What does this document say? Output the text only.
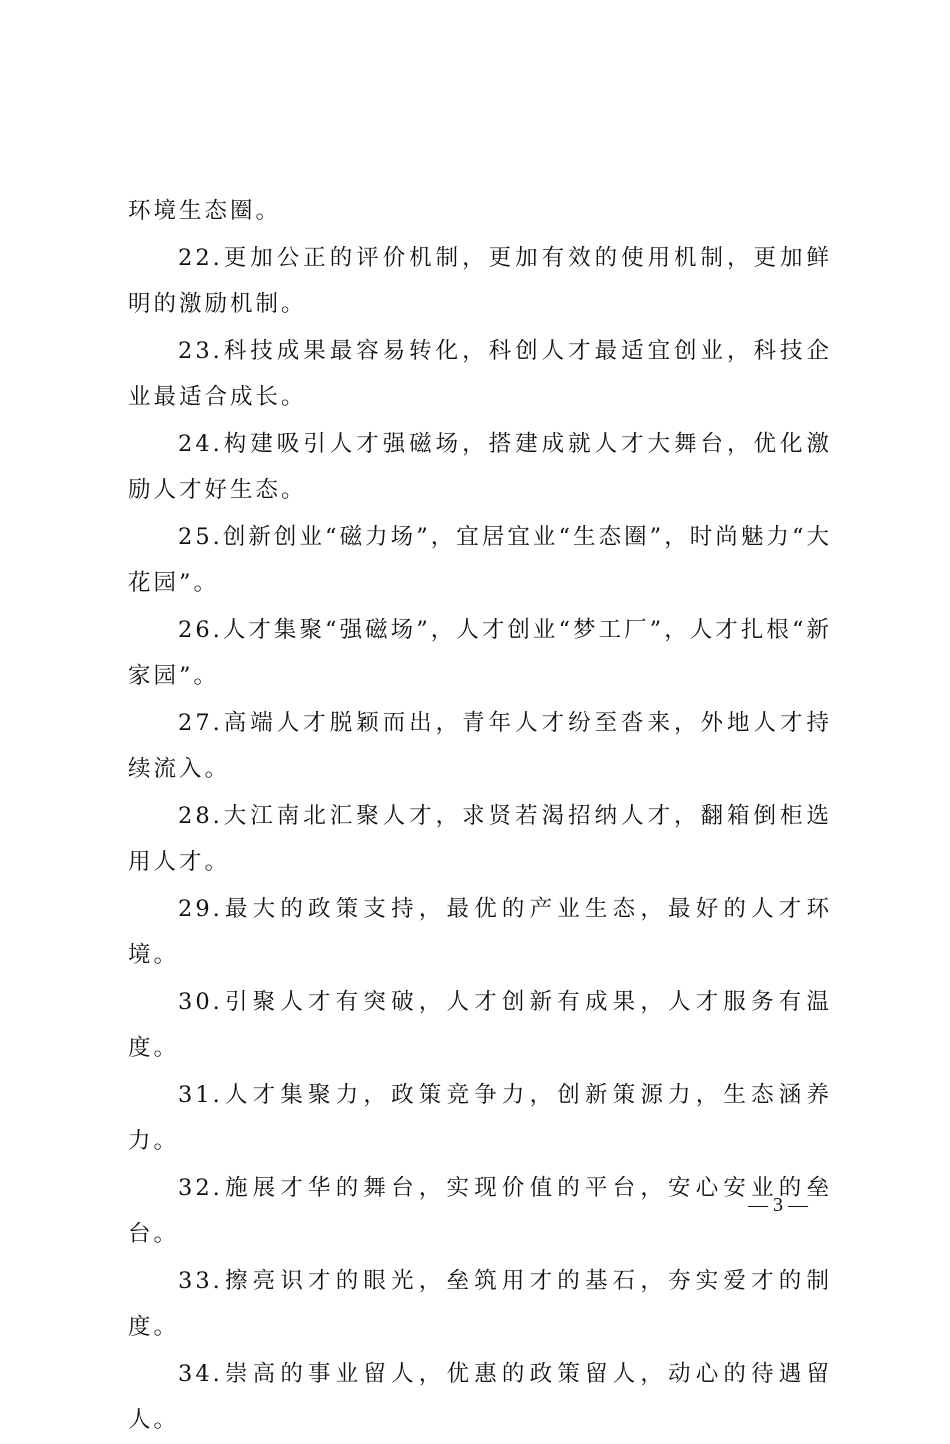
环境生态圈。

22.更加公正的评价机制，更加有效的使用机制，更加鲜明的激励机制。

23.科技成果最容易转化，科创人才最适宜创业，科技企业最适合成长。

24.构建吸引人才强磁场，搭建成就人才大舞台，优化激励人才好生态。

25.创新创业“磁力场”，宜居宜业“生态圈”，时尚魅力“大花园”。

26.人才集聚“强磁场”，人才创业“梦工厂”，人才扎根“新家园”。

27.高端人才脱颖而出，青年人才纷至沓来，外地人才持续流入。

28.大江南北汇聚人才，求贤若渴招纳人才，翻箱倒柜选用人才。

29.最大的政策支持，最优的产业生态，最好的人才环境。

30.引聚人才有突破，人才创新有成果，人才服务有温度。

31.人才集聚力，政策竞争力，创新策源力，生态涵养力。

32.施展才华的舞台，实现价值的平台，安心安业的垒台。

33.擦亮识才的眼光，垒筑用才的基石，夯实爱才的制度。

34.崇高的事业留人，优惠的政策留人，动心的待遇留人。

— 3 —
